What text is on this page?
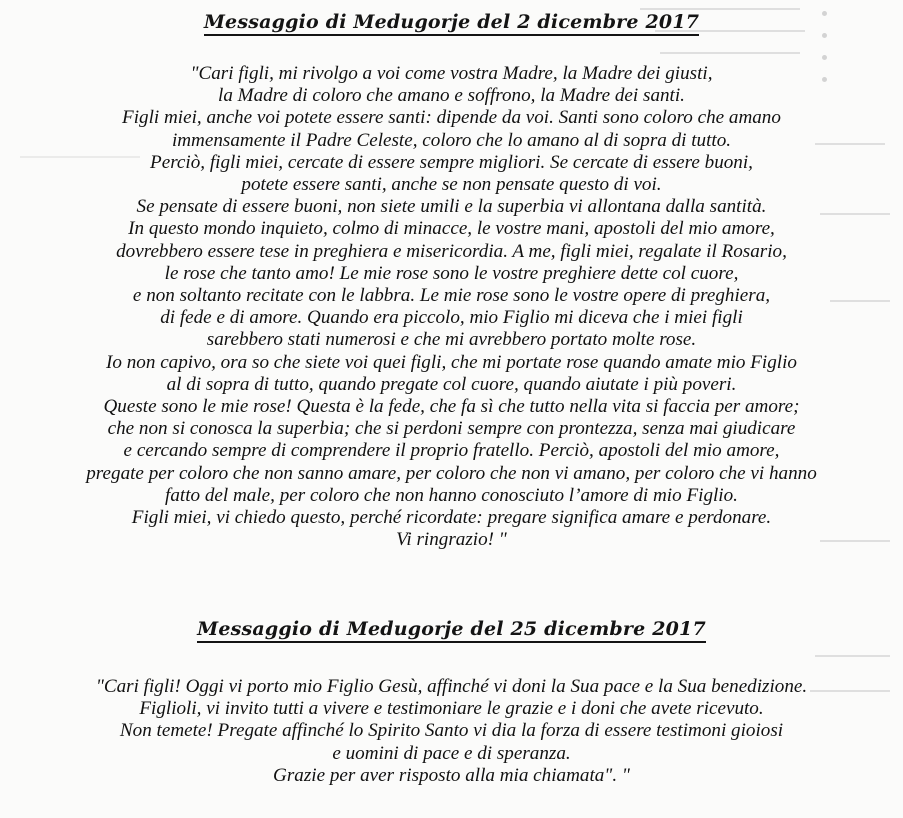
Messaggio di Medugorje del 2 dicembre 2017
"Cari figli, mi rivolgo a voi come vostra Madre, la Madre dei giusti,
la Madre di coloro che amano e soffrono, la Madre dei santi.
Figli miei, anche voi potete essere santi: dipende da voi. Santi sono coloro che amano
immensamente il Padre Celeste, coloro che lo amano al di sopra di tutto.
Perciò, figli miei, cercate di essere sempre migliori. Se cercate di essere buoni,
potete essere santi, anche se non pensate questo di voi.
Se pensate di essere buoni, non siete umili e la superbia vi allontana dalla santità.
In questo mondo inquieto, colmo di minacce, le vostre mani, apostoli del mio amore,
dovrebbero essere tese in preghiera e misericordia. A me, figli miei, regalate il Rosario,
le rose che tanto amo! Le mie rose sono le vostre preghiere dette col cuore,
e non soltanto recitate con le labbra. Le mie rose sono le vostre opere di preghiera,
di fede e di amore. Quando era piccolo, mio Figlio mi diceva che i miei figli
sarebbero stati numerosi e che mi avrebbero portato molte rose.
Io non capivo, ora so che siete voi quei figli, che mi portate rose quando amate mio Figlio
al di sopra di tutto, quando pregate col cuore, quando aiutate i più poveri.
Queste sono le mie rose! Questa è la fede, che fa sì che tutto nella vita si faccia per amore;
che non si conosca la superbia; che si perdoni sempre con prontezza, senza mai giudicare
e cercando sempre di comprendere il proprio fratello. Perciò, apostoli del mio amore,
pregate per coloro che non sanno amare, per coloro che non vi amano, per coloro che vi hanno
fatto del male, per coloro che non hanno conosciuto l’amore di mio Figlio.
Figli miei, vi chiedo questo, perché ricordate: pregare significa amare e perdonare.
Vi ringrazio! "
Messaggio di Medugorje del 25 dicembre 2017
"Cari figli! Oggi vi porto mio Figlio Gesù, affinché vi doni la Sua pace e la Sua benedizione.
Figlioli, vi invito tutti a vivere e testimoniare le grazie e i doni che avete ricevuto.
Non temete! Pregate affinché lo Spirito Santo vi dia la forza di essere testimoni gioiosi
e uomini di pace e di speranza.
Grazie per aver risposto alla mia chiamata". "
